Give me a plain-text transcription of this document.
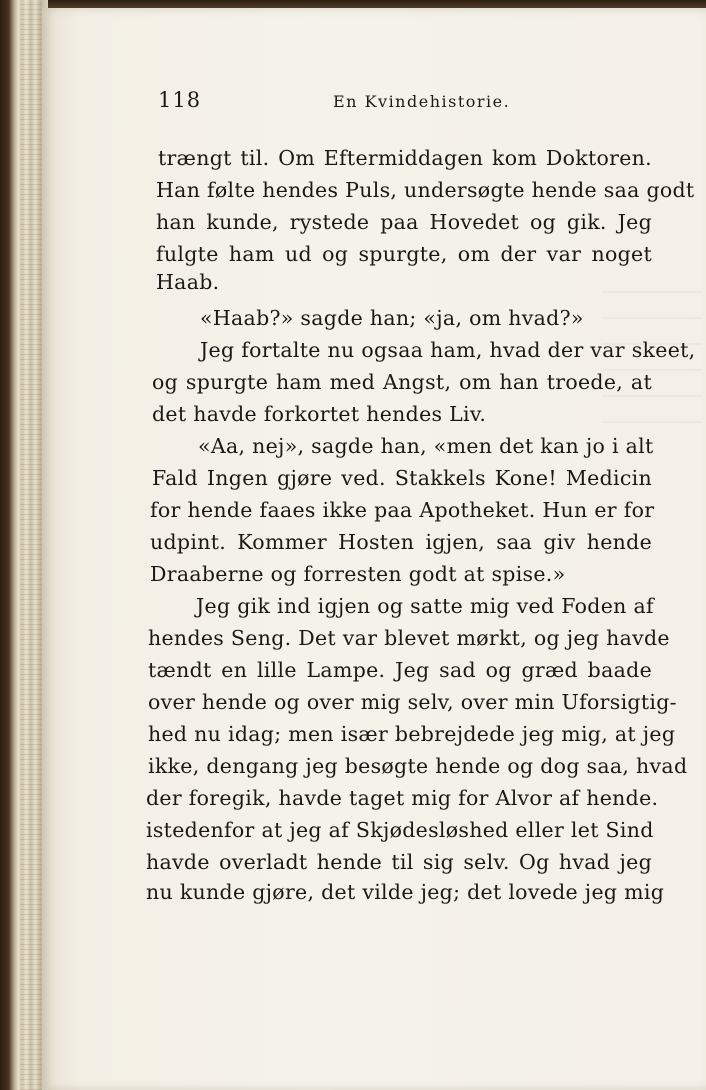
118	En Kvindehistorie.
trængt til. Om Eftermiddagen kom Doktoren.
Han følte hendes Puls, undersøgte hende saa godt
han kunde, rystede paa Hovedet og gik. Jeg
fulgte ham ud og spurgte, om der var noget
Haab.
«Haab?» sagde han; «ja, om hvad?»
Jeg fortalte nu ogsaa ham, hvad der var skeet,
og spurgte ham med Angst, om han troede, at
det havde forkortet hendes Liv.
«Aa, nej», sagde han, «men det kan jo i alt
Fald Ingen gjøre ved. Stakkels Kone! Medicin
for hende faaes ikke paa Apotheket. Hun er for
udpint. Kommer Hosten igjen, saa giv hende
Draaberne og forresten godt at spise.»
Jeg gik ind igjen og satte mig ved Foden af
hendes Seng. Det var blevet mørkt, og jeg havde
tændt en lille Lampe. Jeg sad og græd baade
over hende og over mig selv, over min Uforsigtig-
hed nu idag; men især bebrejdede jeg mig, at jeg
ikke, dengang jeg besøgte hende og dog saa, hvad
der foregik, havde taget mig for Alvor af hende.
istedenfor at jeg af Skjødesløshed eller let Sind
havde overladt hende til sig selv. Og hvad jeg
nu kunde gjøre, det vilde jeg; det lovede jeg mig
